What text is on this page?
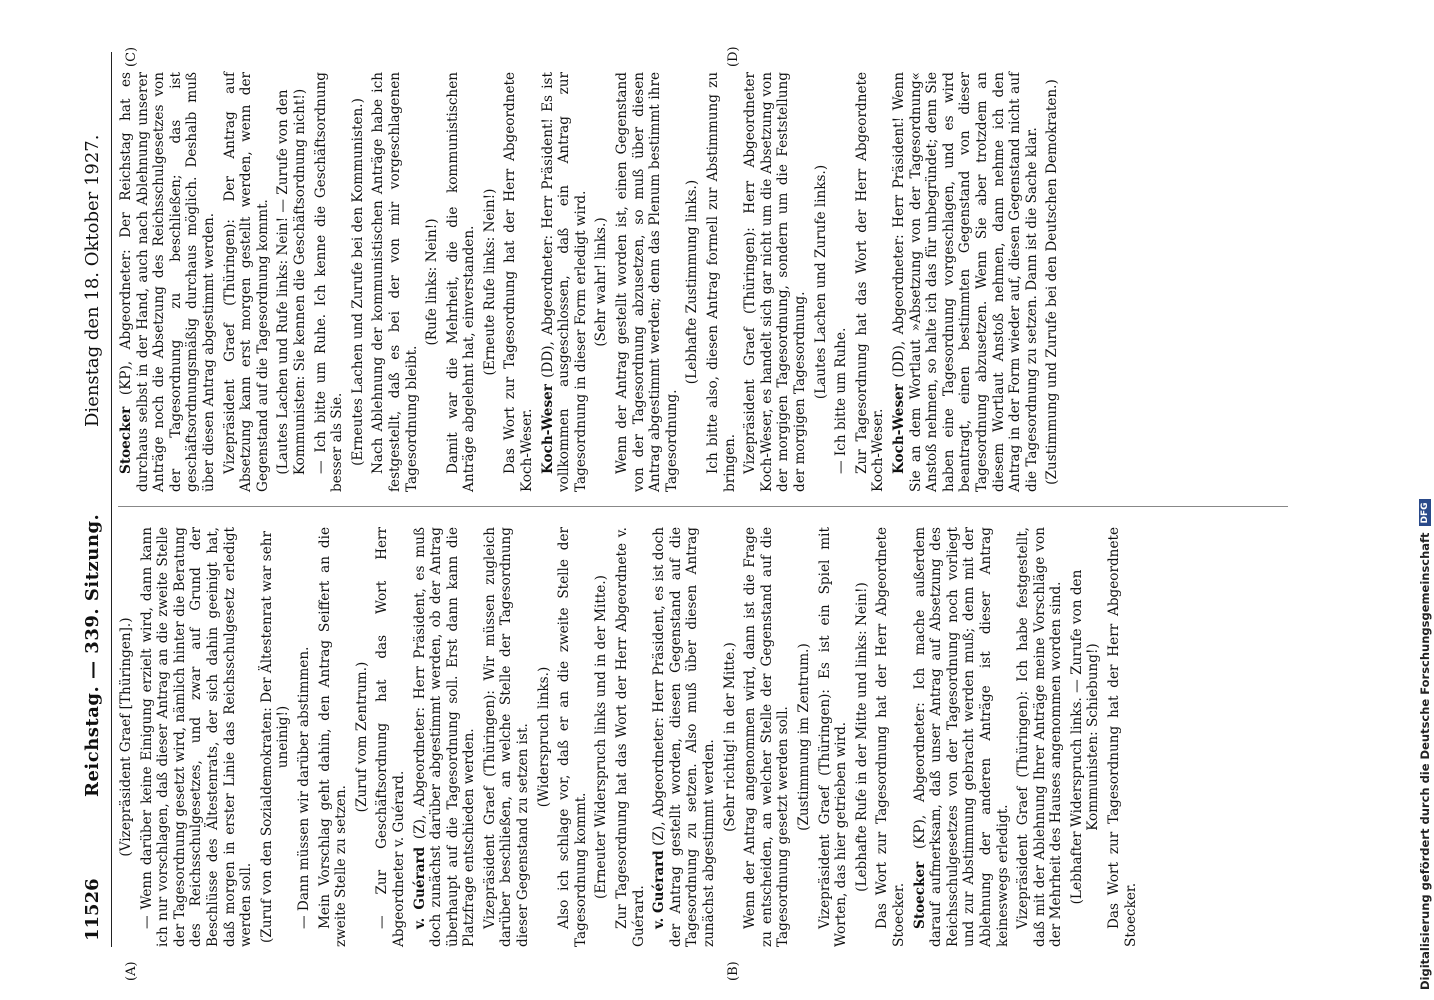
11526
Reichstag. — 339. Sitzung.
Dienstag den 18. Oktober 1927.
(A)	(B)
(C)	(D)

(Vizepräsident Graef [Thüringen].) — Wenn darüber keine Einigung erzielt wird, dann kann ich nur vorschlagen, daß dieser Antrag an die zweite Stelle der Tagesordnung gesetzt wird, nämlich hinter die Beratung des Reichsschulgesetzes, und zwar auf Grund der Beschlüsse des Ältestenrats, der sich dahin geeinigt hat, daß morgen in erster Linie das Reichsschulgesetz erledigt werden soll. (Zuruf von den Sozialdemokraten: Der Ältestenrat war sehr uneinig!) — Dann müssen wir darüber abstimmen. Mein Vorschlag geht dahin, den Antrag Seiffert an die zweite Stelle zu setzen.

(Zuruf vom Zentrum.) — Zur Geschäftsordnung hat das Wort Herr Abgeordneter v. Guérard. v. Guérard (Z), Abgeordneter: Herr Präsident, es muß doch zunächst darüber abgestimmt werden, ob der Antrag überhaupt auf die Tagesordnung soll. Erst dann kann die Platzfrage entschieden werden. Vizepräsident Graef (Thüringen): Wir müssen zugleich darüber beschließen, an welche Stelle der Tagesordnung dieser Gegenstand zu setzen ist. (Widerspruch links.) Also ich schlage vor, daß er an die zweite Stelle der Tagesordnung kommt. (Erneuter Widerspruch links und in der Mitte.) Zur Tagesordnung hat das Wort der Herr Abgeordnete v. Guérard. v. Guérard (Z), Abgeordneter: Herr Präsident, es ist doch der Antrag gestellt worden, diesen Gegenstand auf die Tagesordnung zu setzen. Also muß über diesen Antrag zunächst abgestimmt werden.

(Sehr richtig! in der Mitte.) Wenn der Antrag angenommen wird, dann ist die Frage zu entscheiden, an welcher Stelle der Gegenstand auf die Tagesordnung gesetzt werden soll. (Zustimmung im Zentrum.) Vizepräsident Graef (Thüringen): Es ist ein Spiel mit Worten, das hier getrieben wird. (Lebhafte Rufe in der Mitte und links: Nein!) Das Wort zur Tagesordnung hat der Herr Abgeordnete Stoecker. Stoecker (KP), Abgeordneter: Ich mache außerdem darauf aufmerksam, daß unser Antrag auf Absetzung des Reichsschulgesetzes von der Tagesordnung noch vorliegt und zur Abstimmung gebracht werden muß; denn mit der Ablehnung der anderen Anträge ist dieser Antrag keineswegs erledigt. Vizepräsident Graef (Thüringen): Ich habe festgestellt, daß mit der Ablehnung Ihrer Anträge meine Vorschläge von der Mehrheit des Hauses angenommen worden sind. (Lebhafter Widerspruch links. — Zurufe von den Kommunisten: Schiebung!) Das Wort zur Tagesordnung hat der Herr Abgeordnete Stoecker.

Stoecker (KP), Abgeordneter: Der Reichstag hat es durchaus selbst in der Hand, auch nach Ablehnung unserer Anträge noch die Absetzung des Reichsschulgesetzes von der Tagesordnung zu beschließen; das ist geschäftsordnungsmäßig durchaus möglich. Deshalb muß über diesen Antrag abgestimmt werden. Vizepräsident Graef (Thüringen): Der Antrag auf Absetzung kann erst morgen gestellt werden, wenn der Gegenstand auf die Tagesordnung kommt. (Lautes Lachen und Rufe links: Nein! — Zurufe von den Kommunisten: Sie kennen die Geschäftsordnung nicht!) — Ich bitte um Ruhe. Ich kenne die Geschäftsordnung besser als Sie. (Erneutes Lachen und Zurufe bei den Kommunisten.) Nach Ablehnung der kommunistischen Anträge habe ich festgestellt, daß es bei der von mir vorgeschlagenen Tagesordnung bleibt.

(Rufe links: Nein!) Damit war die Mehrheit, die die kommunistischen Anträge abgelehnt hat, einverstanden. (Erneute Rufe links: Nein!) Das Wort zur Tagesordnung hat der Herr Abgeordnete Koch-Weser. Koch-Weser (DD), Abgeordneter: Herr Präsident! Es ist vollkommen ausgeschlossen, daß ein Antrag zur Tagesordnung in dieser Form erledigt wird. (Sehr wahr! links.) Wenn der Antrag gestellt worden ist, einen Gegenstand von der Tagesordnung abzusetzen, so muß über diesen Antrag abgestimmt werden; denn das Plenum bestimmt ihre Tagesordnung.

(Lebhafte Zustimmung links.) Ich bitte also, diesen Antrag formell zur Abstimmung zu bringen. Vizepräsident Graef (Thüringen): Herr Abgeordneter Koch-Weser, es handelt sich gar nicht um die Absetzung von der morgigen Tagesordnung, sondern um die Feststellung der morgigen Tagesordnung. (Lautes Lachen und Zurufe links.)

— Ich bitte um Ruhe. Zur Tagesordnung hat das Wort der Herr Abgeordnete Koch-Weser. Koch-Weser (DD), Abgeordneter: Herr Präsident! Wenn Sie an dem Wortlaut »Absetzung von der Tagesordnung« Anstoß nehmen, so halte ich das für unbegründet; denn Sie haben eine Tagesordnung vorgeschlagen, und es wird beantragt, einen bestimmten Gegenstand von dieser Tagesordnung abzusetzen. Wenn Sie aber trotzdem an diesem Wortlaut Anstoß nehmen, dann nehme ich den Antrag in der Form wieder auf, diesen Gegenstand nicht auf die Tagesordnung zu setzen. Dann ist die Sache klar. (Zustimmung und Zurufe bei den Deutschen Demokraten.)

Digitalisierung gefördert durch die Deutsche Forschungsgemeinschaft
DFG
